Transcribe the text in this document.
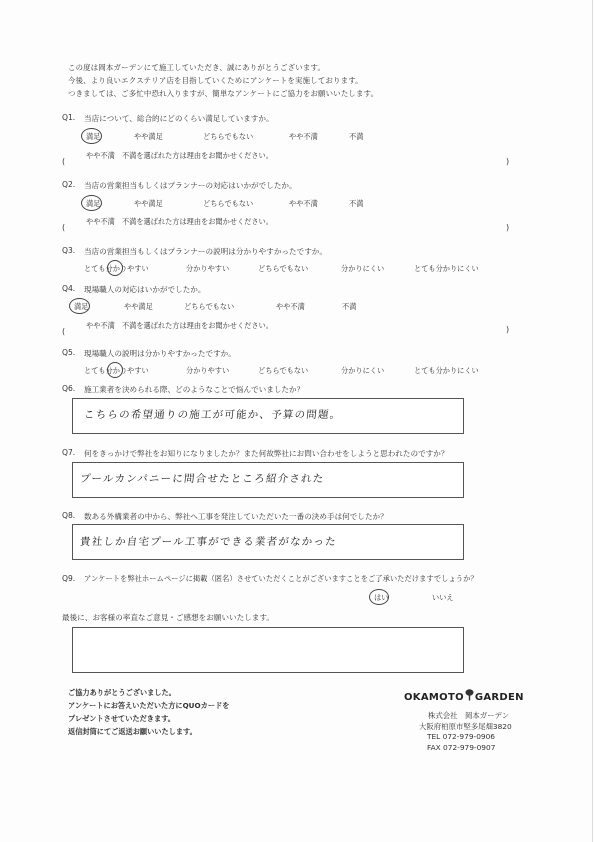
この度は岡本ガーデンにて施工していただき、誠にありがとうございます。
今後、より良いエクステリア店を目指していくためにアンケートを実施しております。
つきましては、ご多忙中恐れ入りますが、簡単なアンケートにご協力をお願いいたします。
Q1. 当店について、総合的にどのくらい満足していますか。
満足	やや満足	どちらでもない	やや不満	不満
やや不満　不満を選ばれた方は理由をお聞かせください。
(	)
Q2. 当店の営業担当もしくはプランナーの対応はいかがでしたか。
満足	やや満足	どちらでもない	やや不満	不満
やや不満　不満を選ばれた方は理由をお聞かせください。
(	)
Q3. 当店の営業担当もしくはプランナーの説明は分かりやすかったですか。
とても分かりやすい	分かりやすい	どちらでもない	分かりにくい	とても分かりにくい
Q4. 現場職人の対応はいかがでしたか。
満足	やや満足	どちらでもない	やや不満	不満
やや不満　不満を選ばれた方は理由をお聞かせください。
(	)
Q5. 現場職人の説明は分かりやすかったですか。
とても分かりやすい	分かりやすい	どちらでもない	分かりにくい	とても分かりにくい
Q6. 施工業者を決められる際、どのようなことで悩んでいましたか？
こちらの希望通りの施工が可能か、予算の問題。
Q7. 何をきっかけで弊社をお知りになりましたか？また何故弊社にお問い合わせをしようと思われたのですか？
プールカンパニーに問合せたところ紹介された
Q8. 数ある外構業者の中から、弊社へ工事を発注していただいた一番の決め手は何でしたか？
貴社しか自宅プール工事ができる業者がなかった
Q9. アンケートを弊社ホームページに掲載（匿名）させていただくことがございますことをご了承いただけますでしょうか？
はい	いいえ
最後に、お客様の率直なご意見・ご感想をお願いいたします。
ご協力ありがとうございました。
アンケートにお答えいただいた方にQUOカードを
プレゼントさせていただきます。
返信封筒にてご返送お願いいたします。
OKAMOTO GARDEN
株式会社　岡本ガーデン
大阪府柏原市堅多尾畑3820
TEL 072-979-0906
FAX 072-979-0907
